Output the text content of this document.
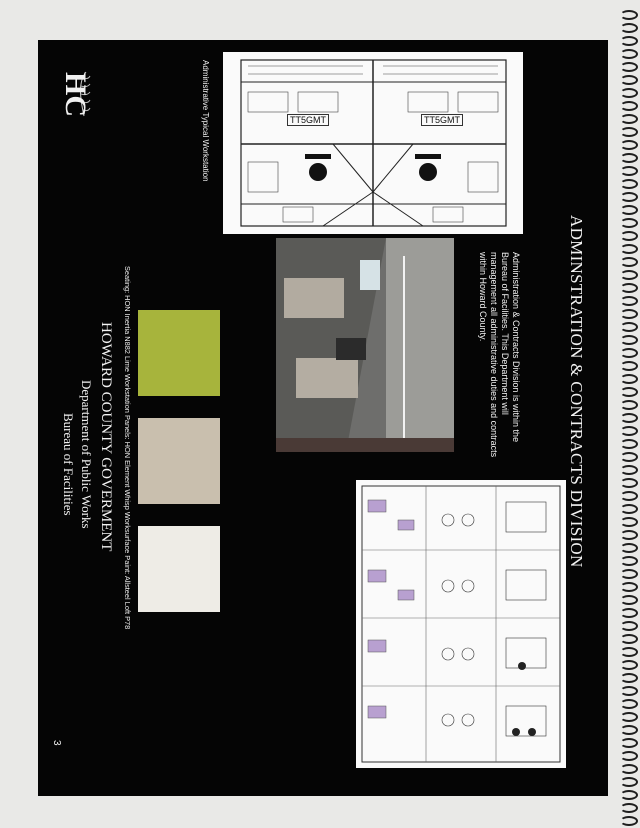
HC	Administrative Typical Workstation	TT5GMT	TT5GMT
ADMINSTRATION & CONTRACTS DIVISION
Administration & Contracts Division is within the
Bureau of Facilities. This Department will
management all administrative duties and contracts
within Howard County.
Seating: HON Inertia N882 Lime Workstation Panels: HON Element Whisp Worksurface Paint: Allsteel Loft P78
HOWARD COUNTY GOVERMENT
Department of Public Works
Bureau of Facilities
3
